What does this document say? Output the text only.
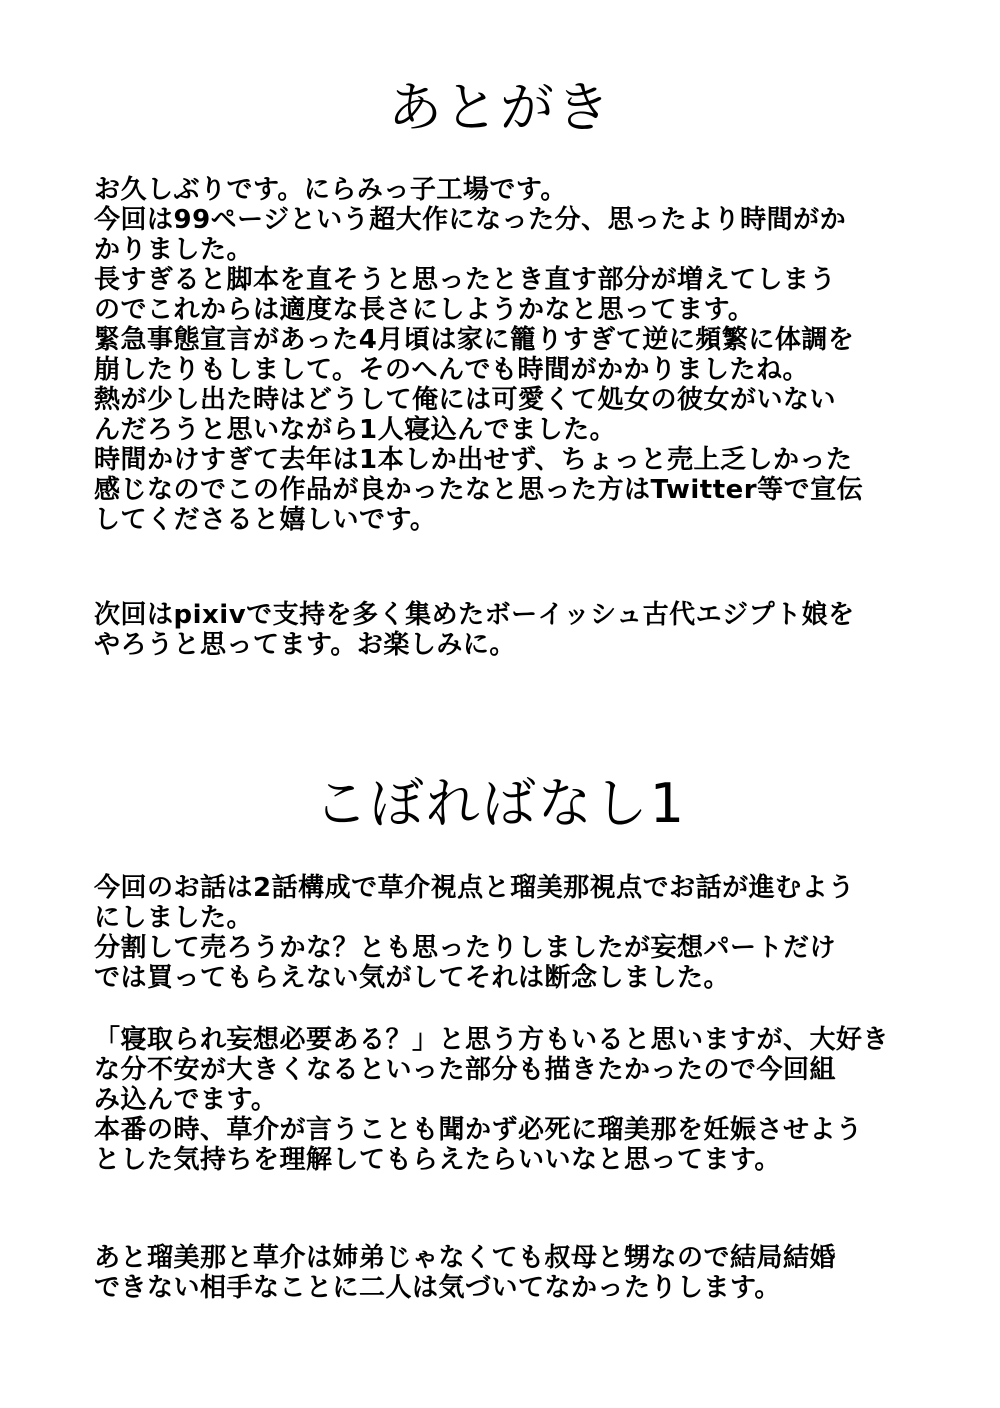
あとがき
お久しぶりです。にらみっ子工場です。
今回は99ページという超大作になった分、思ったより時間がか
かりました。
長すぎると脚本を直そうと思ったとき直す部分が増えてしまう
のでこれからは適度な長さにしようかなと思ってます。
緊急事態宣言があった4月頃は家に籠りすぎて逆に頻繁に体調を
崩したりもしまして。そのへんでも時間がかかりましたね。
熱が少し出た時はどうして俺には可愛くて処女の彼女がいない
んだろうと思いながら1人寝込んでました。
時間かけすぎて去年は1本しか出せず、ちょっと売上乏しかった
感じなのでこの作品が良かったなと思った方はTwitter等で宣伝
してくださると嬉しいです。
次回はpixivで支持を多く集めたボーイッシュ古代エジプト娘を
やろうと思ってます。お楽しみに。
こぼればなし1
今回のお話は2話構成で草介視点と瑠美那視点でお話が進むよう
にしました。
分割して売ろうかな？とも思ったりしましたが妄想パートだけ
では買ってもらえない気がしてそれは断念しました。
「寝取られ妄想必要ある？」と思う方もいると思いますが、大好き
な分不安が大きくなるといった部分も描きたかったので今回組
み込んでます。
本番の時、草介が言うことも聞かず必死に瑠美那を妊娠させよう
とした気持ちを理解してもらえたらいいなと思ってます。
あと瑠美那と草介は姉弟じゃなくても叔母と甥なので結局結婚
できない相手なことに二人は気づいてなかったりします。
